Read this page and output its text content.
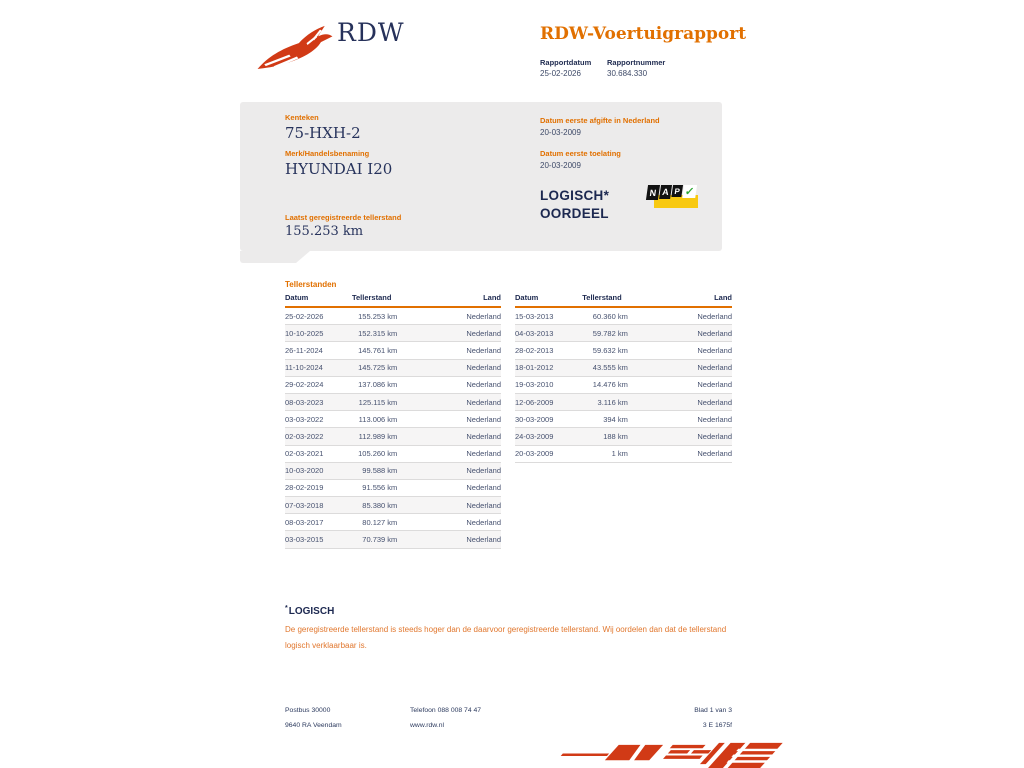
RDW	RDW-Voertuigrapport
Rapportdatum
25-02-2026
Rapportnummer
30.684.330
Kenteken
75-HXH-2
Merk/Handelsbenaming
HYUNDAI I20
Laatst geregistreerde tellerstand
155.253 km
Datum eerste afgifte in Nederland
20-03-2009
Datum eerste toelating
20-03-2009
LOGISCH*
OORDEEL
N A P ✓
Tellerstanden
Datum	Tellerstand	Land
25-02-2026	155.253 km	Nederland
10-10-2025	152.315 km	Nederland
26-11-2024	145.761 km	Nederland
11-10-2024	145.725 km	Nederland
29-02-2024	137.086 km	Nederland
08-03-2023	125.115 km	Nederland
03-03-2022	113.006 km	Nederland
02-03-2022	112.989 km	Nederland
02-03-2021	105.260 km	Nederland
10-03-2020	99.588 km	Nederland
28-02-2019	91.556 km	Nederland
07-03-2018	85.380 km	Nederland
08-03-2017	80.127 km	Nederland
03-03-2015	70.739 km	Nederland
Datum	Tellerstand	Land
15-03-2013	60.360 km	Nederland
04-03-2013	59.782 km	Nederland
28-02-2013	59.632 km	Nederland
18-01-2012	43.555 km	Nederland
19-03-2010	14.476 km	Nederland
12-06-2009	3.116 km	Nederland
30-03-2009	394 km	Nederland
24-03-2009	188 km	Nederland
20-03-2009	1 km	Nederland
*LOGISCH
De geregistreerde tellerstand is steeds hoger dan de daarvoor geregistreerde tellerstand. Wij oordelen dan dat de tellerstand logisch verklaarbaar is.
Postbus 30000
9640 RA Veendam
Telefoon 088 008 74 47
www.rdw.nl
Blad 1 van 3
3 E 1675f
